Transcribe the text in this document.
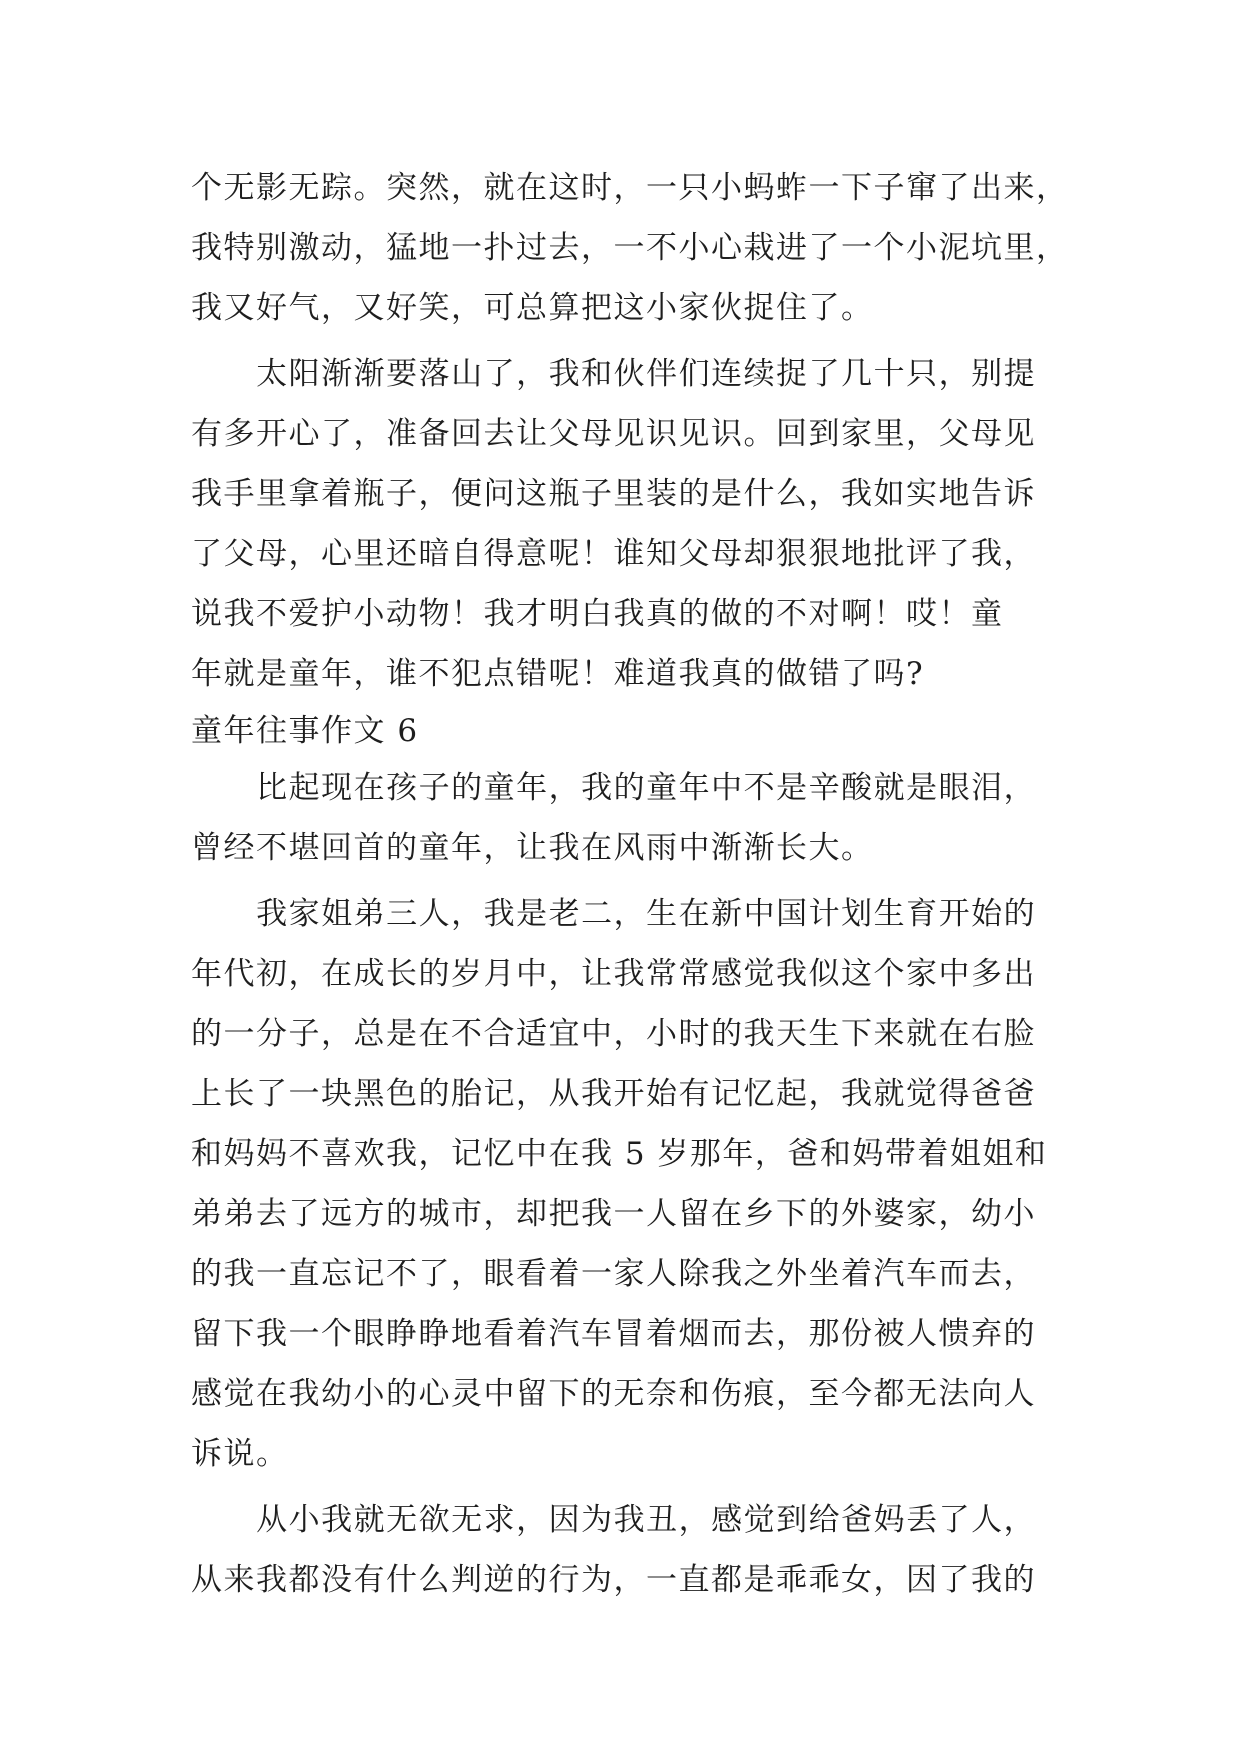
个无影无踪。突然，就在这时，一只小蚂蚱一下子窜了出来，
我特别激动，猛地一扑过去，一不小心栽进了一个小泥坑里，
我又好气，又好笑，可总算把这小家伙捉住了。
太阳渐渐要落山了，我和伙伴们连续捉了几十只，别提
有多开心了，准备回去让父母见识见识。回到家里，父母见
我手里拿着瓶子，便问这瓶子里装的是什么，我如实地告诉
了父母，心里还暗自得意呢！谁知父母却狠狠地批评了我，
说我不爱护小动物！我才明白我真的做的不对啊！哎！童
年就是童年，谁不犯点错呢！难道我真的做错了吗?
童年往事作文 6
比起现在孩子的童年，我的童年中不是辛酸就是眼泪，
曾经不堪回首的童年，让我在风雨中渐渐长大。
我家姐弟三人，我是老二，生在新中国计划生育开始的
年代初，在成长的岁月中，让我常常感觉我似这个家中多出
的一分子，总是在不合适宜中，小时的我天生下来就在右脸
上长了一块黑色的胎记，从我开始有记忆起，我就觉得爸爸
和妈妈不喜欢我，记忆中在我 5 岁那年，爸和妈带着姐姐和
弟弟去了远方的城市，却把我一人留在乡下的外婆家，幼小
的我一直忘记不了，眼看着一家人除我之外坐着汽车而去，
留下我一个眼睁睁地看着汽车冒着烟而去，那份被人愦弃的
感觉在我幼小的心灵中留下的无奈和伤痕，至今都无法向人
诉说。
从小我就无欲无求，因为我丑，感觉到给爸妈丢了人，
从来我都没有什么判逆的行为，一直都是乖乖女，因了我的
